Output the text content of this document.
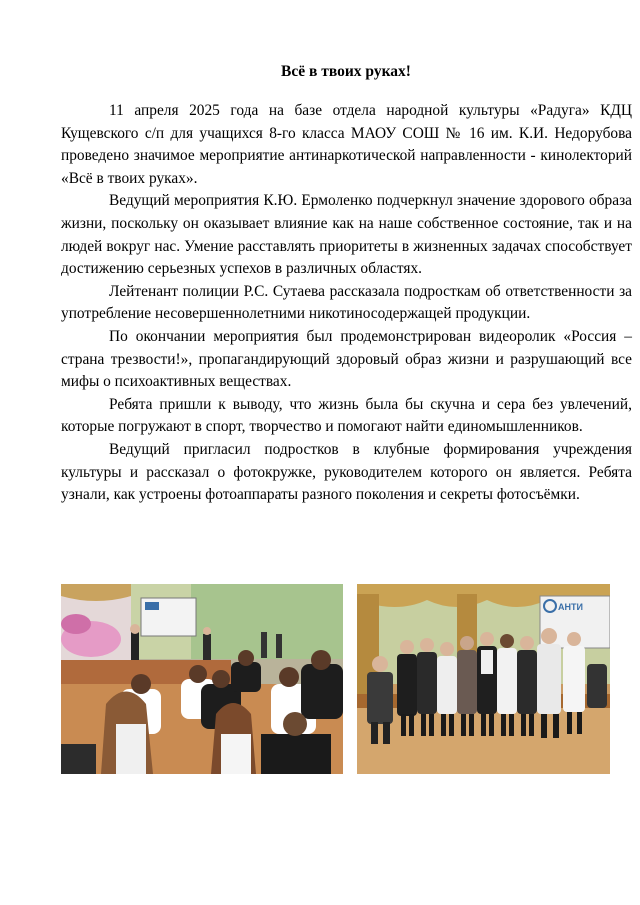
Всё в твоих руках!

11 апреля 2025 года на базе отдела народной культуры «Радуга» КДЦ Кущевского с/п для учащихся 8-го класса МАОУ СОШ № 16 им. К.И. Недорубова проведено значимое мероприятие антинаркотической направленности - кинолекторий «Всё в твоих руках».

Ведущий мероприятия К.Ю. Ермоленко подчеркнул значение здорового образа жизни, поскольку он оказывает влияние как на наше собственное состояние, так и на людей вокруг нас. Умение расставлять приоритеты в жизненных задачах способствует достижению серьезных успехов в различных областях.

Лейтенант полиции Р.С. Сутаева рассказала подросткам об ответственности за употребление несовершеннолетними никотиносодержащей продукции.

По окончании мероприятия был продемонстрирован видеоролик «Россия – страна трезвости!», пропагандирующий здоровый образ жизни и разрушающий все мифы о психоактивных веществах.

Ребята пришли к выводу, что жизнь была бы скучна и сера без увлечений, которые погружают в спорт, творчество и помогают найти единомышленников.

Ведущий пригласил подростков в клубные формирования учреждения культуры и рассказал о фотокружке, руководителем которого он является. Ребята узнали, как устроены фотоаппараты разного поколения и секреты фотосъёмки.

АНТИ
